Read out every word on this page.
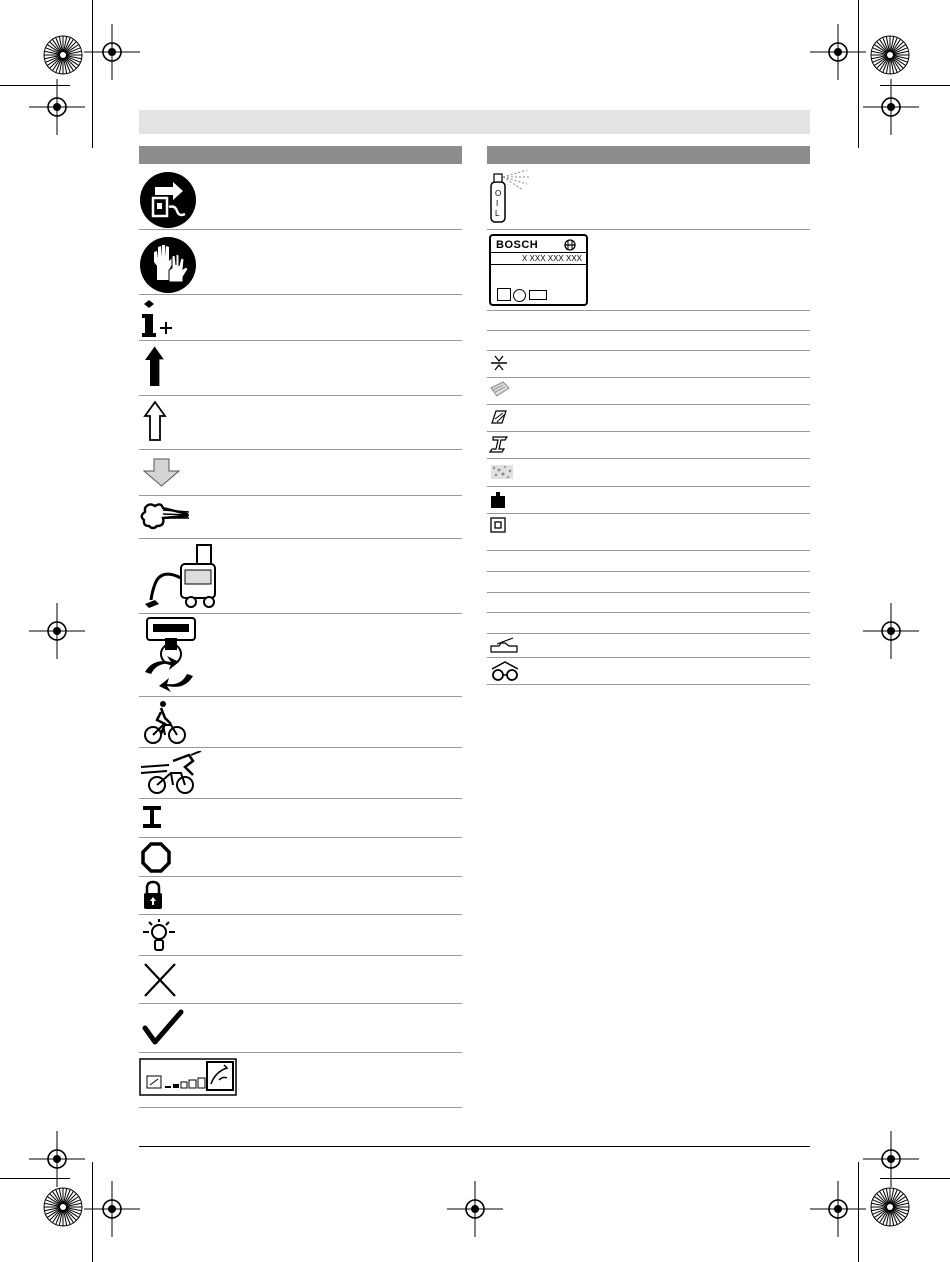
O
I
L
BOSCH
X XXX XXX XXX
